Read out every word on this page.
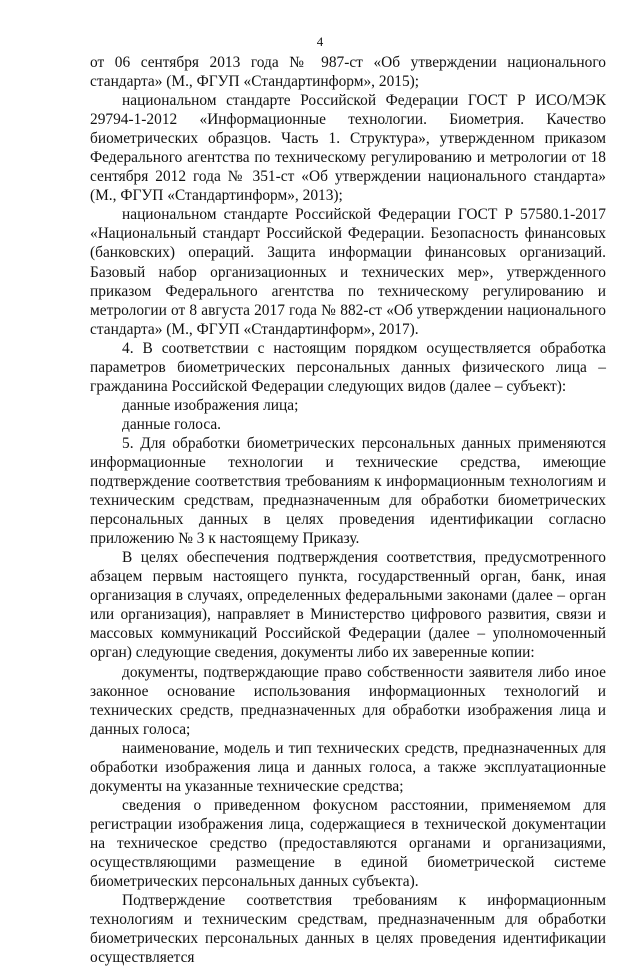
4

от 06 сентября 2013 года № 987-ст «Об утверждении национального стандарта» (М., ФГУП «Стандартинформ», 2015);

национальном стандарте Российской Федерации ГОСТ Р ИСО/МЭК 29794-1-2012 «Информационные технологии. Биометрия. Качество биометрических образцов. Часть 1. Структура», утвержденном приказом Федерального агентства по техническому регулированию и метрологии от 18 сентября 2012 года № 351-ст «Об утверждении национального стандарта» (М., ФГУП «Стандартинформ», 2013);

национальном стандарте Российской Федерации ГОСТ Р 57580.1-2017 «Национальный стандарт Российской Федерации. Безопасность финансовых (банковских) операций. Защита информации финансовых организаций. Базовый набор организационных и технических мер», утвержденного приказом Федерального агентства по техническому регулированию и метрологии от 8 августа 2017 года № 882-ст «Об утверждении национального стандарта» (М., ФГУП «Стандартинформ», 2017).

4. В соответствии с настоящим порядком осуществляется обработка параметров биометрических персональных данных физического лица – гражданина Российской Федерации следующих видов (далее – субъект):

данные изображения лица;

данные голоса.

5. Для обработки биометрических персональных данных применяются информационные технологии и технические средства, имеющие подтверждение соответствия требованиям к информационным технологиям и техническим средствам, предназначенным для обработки биометрических персональных данных в целях проведения идентификации согласно приложению № 3 к настоящему Приказу.

В целях обеспечения подтверждения соответствия, предусмотренного абзацем первым настоящего пункта, государственный орган, банк, иная организация в случаях, определенных федеральными законами (далее – орган или организация), направляет в Министерство цифрового развития, связи и массовых коммуникаций Российской Федерации (далее – уполномоченный орган) следующие сведения, документы либо их заверенные копии:

документы, подтверждающие право собственности заявителя либо иное законное основание использования информационных технологий и технических средств, предназначенных для обработки изображения лица и данных голоса;

наименование, модель и тип технических средств, предназначенных для обработки изображения лица и данных голоса, а также эксплуатационные документы на указанные технические средства;

сведения о приведенном фокусном расстоянии, применяемом для регистрации изображения лица, содержащиеся в технической документации на техническое средство (предоставляются органами и организациями, осуществляющими размещение в единой биометрической системе биометрических персональных данных субъекта).

Подтверждение соответствия требованиям к информационным технологиям и техническим средствам, предназначенным для обработки биометрических персональных данных в целях проведения идентификации осуществляется
